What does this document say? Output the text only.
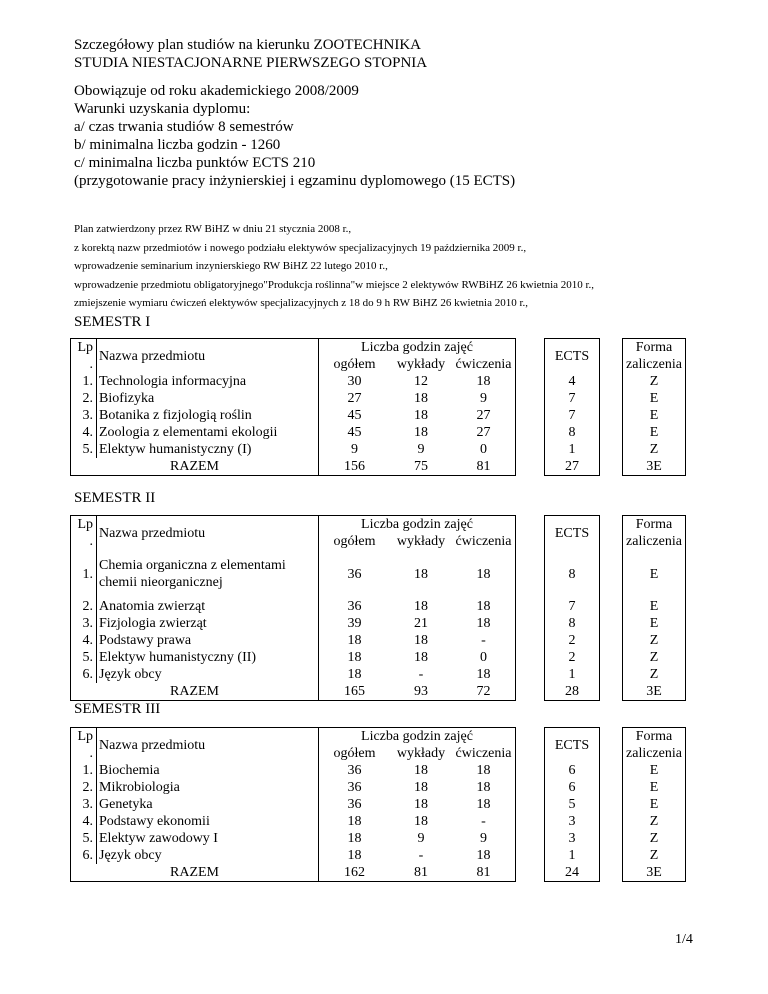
Szczegółowy plan studiów na kierunku ZOOTECHNIKA
STUDIA NIESTACJONARNE PIERWSZEGO STOPNIA
Obowiązuje od roku akademickiego 2008/2009
Warunki uzyskania dyplomu:
a/ czas trwania studiów 8 semestrów
b/ minimalna liczba godzin - 1260
c/ minimalna liczba punktów ECTS 210
(przygotowanie pracy inżynierskiej i egzaminu dyplomowego (15 ECTS)
Plan zatwierdzony przez RW BiHZ w dniu 21 stycznia 2008 r.,
z korektą nazw przedmiotów i nowego podziału elektywów specjalizacyjnych 19 października 2009 r.,
wprowadzenie seminarium inzynierskiego RW BiHZ 22 lutego 2010 r.,
wprowadzenie przedmiotu obligatoryjnego"Produkcja roślinna"w miejsce 2 elektywów RWBiHZ 26 kwietnia 2010 r.,
zmiejszenie wymiaru ćwiczeń elektywów specjalizacyjnych z 18 do 9 h RW BiHZ 26 kwietnia 2010 r.,
SEMESTR I
Lp	Nazwa przedmiotu	Liczba godzin zajęć				ECTS		Forma
.		ogółem	wykłady	ćwiczenia				zaliczenia
1.	Technologia informacyjna	30	12	18		4		Z
2.	Biofizyka	27	18	9		7		E
3.	Botanika z fizjologią roślin	45	18	27		7		E
4.	Zoologia z elementami ekologii	45	18	27		8		E
5.	Elektyw humanistyczny (I)	9	9	0		1		Z
RAZEM		156	75	81		27		3E
SEMESTR II
Lp	Nazwa przedmiotu	Liczba godzin zajęć				ECTS		Forma
.		ogółem	wykłady	ćwiczenia				zaliczenia
1.	Chemia organiczna z elementami
chemii nieorganicznej	36	18	18		8		E
2.	Anatomia zwierząt	36	18	18		7		E
3.	Fizjologia zwierząt	39	21	18		8		E
4.	Podstawy prawa	18	18	-		2		Z
5.	Elektyw humanistyczny (II)	18	18	0		2		Z
6.	Język obcy	18	-	18		1		Z
RAZEM		165	93	72		28		3E
SEMESTR III
Lp	Nazwa przedmiotu	Liczba godzin zajęć				ECTS		Forma
.		ogółem	wykłady	ćwiczenia				zaliczenia
1.	Biochemia	36	18	18		6		E
2.	Mikrobiologia	36	18	18		6		E
3.	Genetyka	36	18	18		5		E
4.	Podstawy ekonomii	18	18	-		3		Z
5.	Elektyw zawodowy I	18	9	9		3		Z
6.	Język obcy	18	-	18		1		Z
RAZEM		162	81	81		24		3E
1/4
